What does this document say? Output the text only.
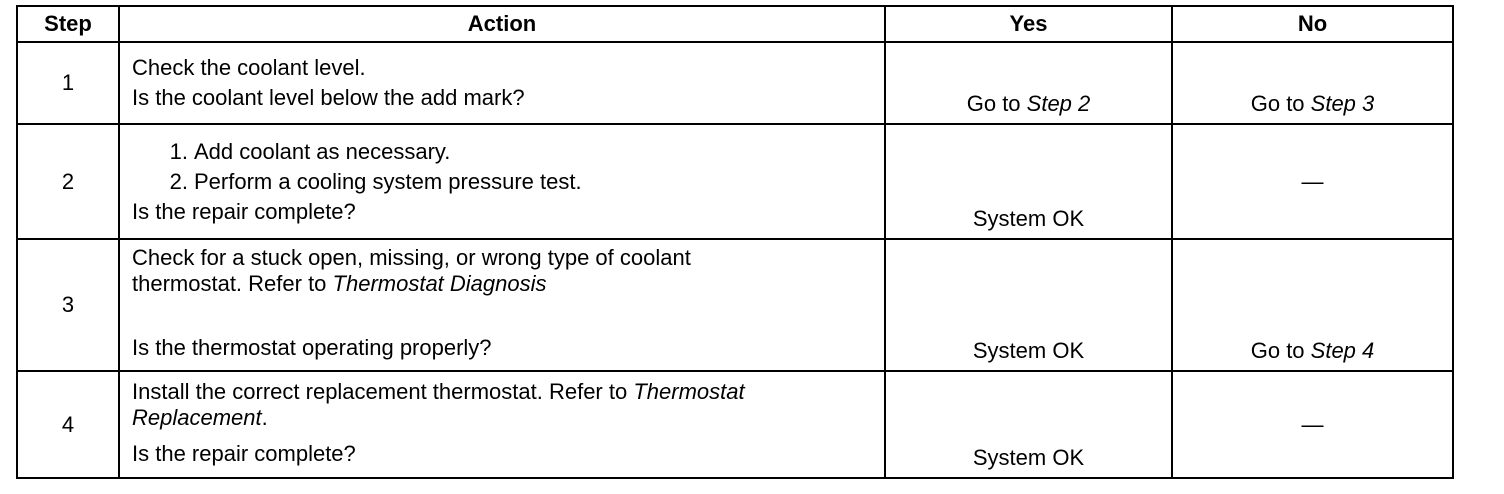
Step	Action	Yes	No
1	Check the coolant level.
Is the coolant level below the add mark?	Go to Step 2	Go to Step 3
2	1. Add coolant as necessary.
2. Perform a cooling system pressure test.
Is the repair complete?	System OK	—
3	Check for a stuck open, missing, or wrong type of coolant
thermostat. Refer to Thermostat Diagnosis
Is the thermostat operating properly?	System OK	Go to Step 4
4	Install the correct replacement thermostat. Refer to Thermostat
Replacement.
Is the repair complete?	System OK	—
